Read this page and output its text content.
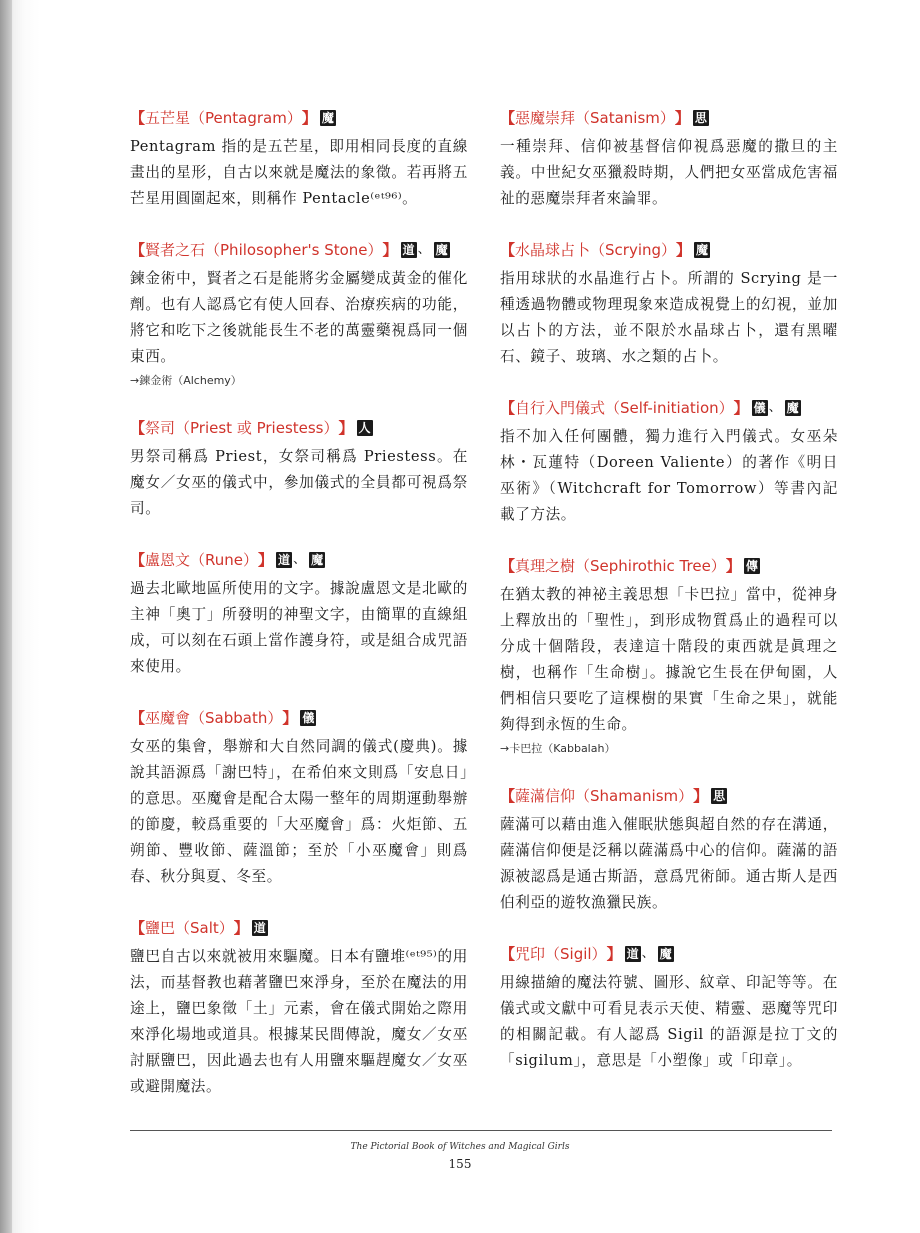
【 五芒星（Pentagram） 】 魔

Pentagram 指的是五芒星，即用相同長度的直線畫出的星形，自古以來就是魔法的象徵。若再將五芒星用圓圍起來，則稱作 Pentacle⁽ᵉᵗ⁹⁶⁾。

【 賢者之石（Philosopher's Stone） 】 道 、 魔

鍊金術中，賢者之石是能將劣金屬變成黃金的催化劑。也有人認爲它有使人回春、治療疾病的功能，將它和吃下之後就能長生不老的萬靈藥視爲同一個東西。

→鍊金術（Alchemy）
【 祭司（Priest 或 Priestess） 】 人

男祭司稱爲 Priest，女祭司稱爲 Priestess。在魔女／女巫的儀式中，參加儀式的全員都可視爲祭司。

【 盧恩文（Rune） 】 道 、 魔

過去北歐地區所使用的文字。據說盧恩文是北歐的主神「奧丁」所發明的神聖文字，由簡單的直線組成，可以刻在石頭上當作護身符，或是組合成咒語來使用。

【 巫魔會（Sabbath） 】 儀

女巫的集會，舉辦和大自然同調的儀式(慶典)。據說其語源爲「謝巴特」，在希伯來文則爲「安息日」的意思。巫魔會是配合太陽一整年的周期運動舉辦的節慶，較爲重要的「大巫魔會」爲：火炬節、五朔節、豐收節、薩溫節；至於「小巫魔會」則爲春、秋分與夏、冬至。

【 鹽巴（Salt） 】 道

鹽巴自古以來就被用來驅魔。日本有鹽堆⁽ᵉᵗ⁹⁵⁾的用法，而基督教也藉著鹽巴來淨身，至於在魔法的用途上，鹽巴象徵「土」元素，會在儀式開始之際用來淨化場地或道具。根據某民間傳說，魔女／女巫討厭鹽巴，因此過去也有人用鹽來驅趕魔女／女巫或避開魔法。

【 惡魔崇拜（Satanism） 】 思

一種崇拜、信仰被基督信仰視爲惡魔的撒旦的主義。中世紀女巫獵殺時期，人們把女巫當成危害福祉的惡魔崇拜者來論罪。

【 水晶球占卜（Scrying） 】 魔

指用球狀的水晶進行占卜。所謂的 Scrying 是一種透過物體或物理現象來造成視覺上的幻視，並加以占卜的方法，並不限於水晶球占卜，還有黑曜石、鏡子、玻璃、水之類的占卜。

【 自行入門儀式（Self-initiation） 】 儀 、 魔

指不加入任何團體，獨力進行入門儀式。女巫朵林・瓦蓮特（Doreen Valiente）的著作《明日巫術》（Witchcraft for Tomorrow）等書內記載了方法。

【 真理之樹（Sephirothic Tree） 】 傳

在猶太教的神祕主義思想「卡巴拉」當中，從神身上釋放出的「聖性」，到形成物質爲止的過程可以分成十個階段，表達這十階段的東西就是眞理之樹，也稱作「生命樹」。據說它生長在伊甸園，人們相信只要吃了這棵樹的果實「生命之果」，就能夠得到永恆的生命。

→卡巴拉（Kabbalah）
【 薩滿信仰（Shamanism） 】 思

薩滿可以藉由進入催眠狀態與超自然的存在溝通，薩滿信仰便是泛稱以薩滿爲中心的信仰。薩滿的語源被認爲是通古斯語，意爲咒術師。通古斯人是西伯利亞的遊牧漁獵民族。

【 咒印（Sigil） 】 道 、 魔

用線描繪的魔法符號、圖形、紋章、印記等等。在儀式或文獻中可看見表示天使、精靈、惡魔等咒印的相關記載。有人認爲 Sigil 的語源是拉丁文的「sigilum」，意思是「小塑像」或「印章」。

The Pictorial Book of Witches and Magical Girls
155
